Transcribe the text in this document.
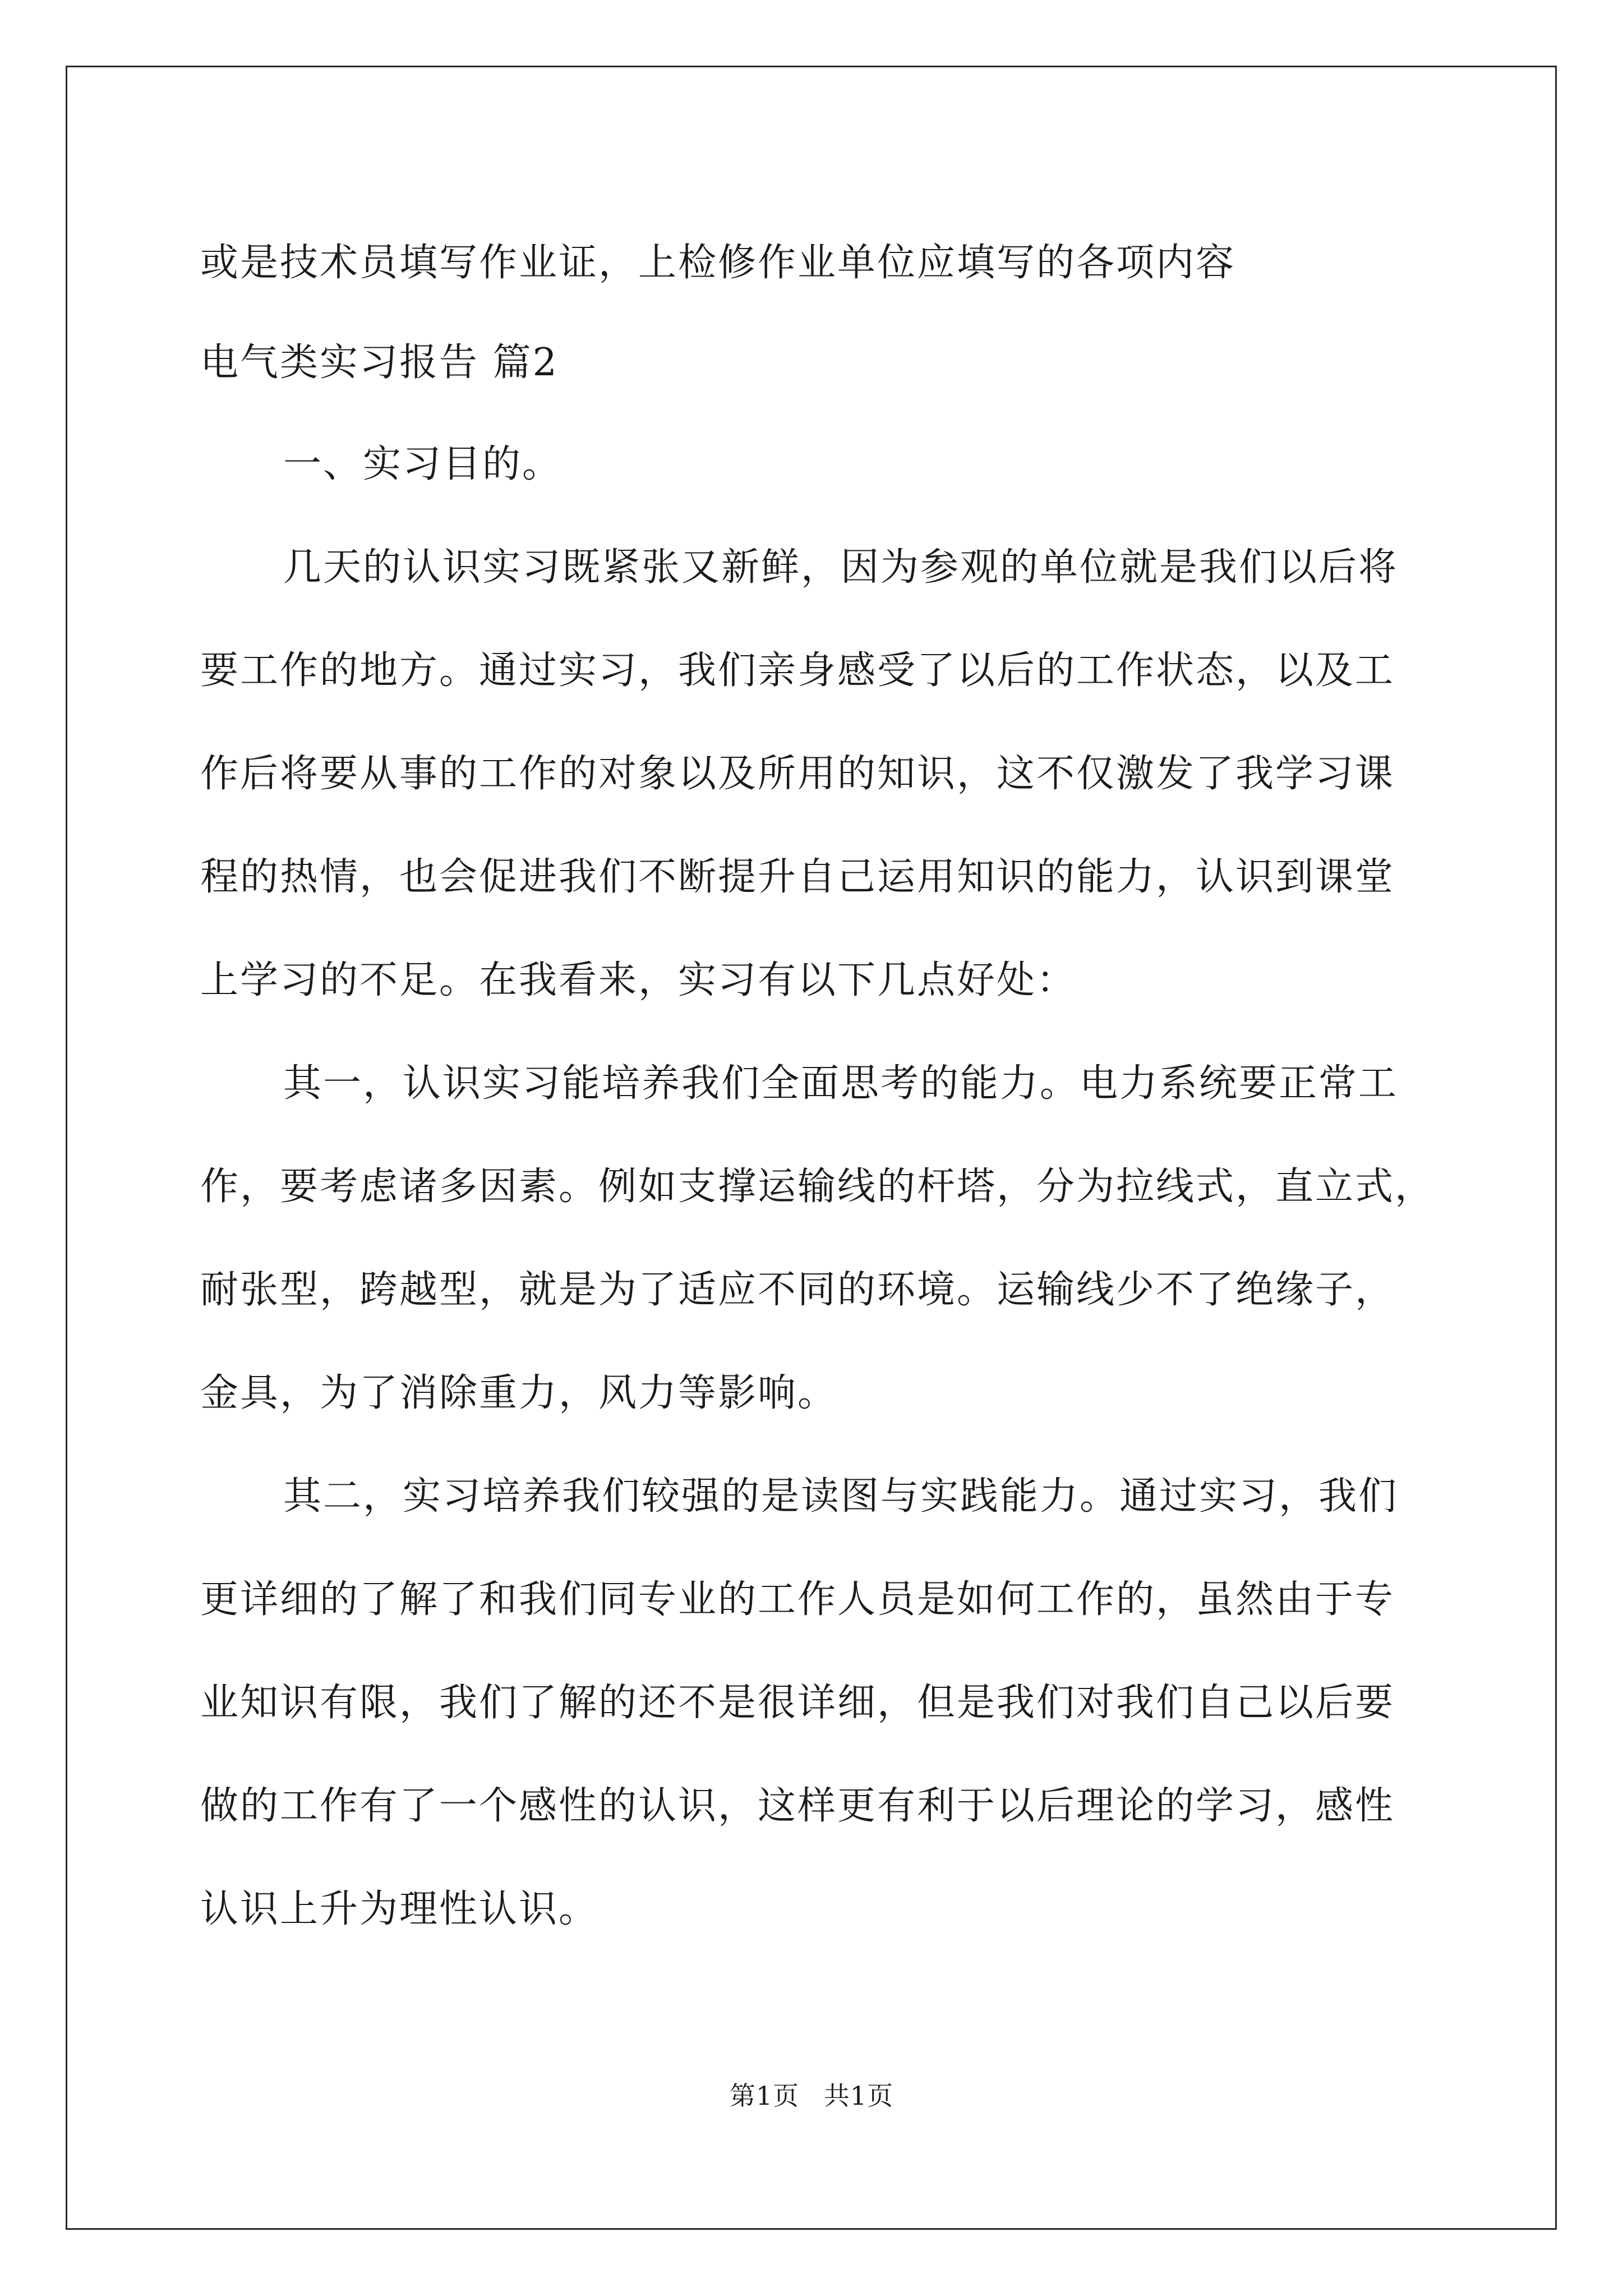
或是技术员填写作业证，上检修作业单位应填写的各项内容
电气类实习报告 篇2
一、实习目的。
几天的认识实习既紧张又新鲜，因为参观的单位就是我们以后将
要工作的地方。通过实习，我们亲身感受了以后的工作状态，以及工
作后将要从事的工作的对象以及所用的知识，这不仅激发了我学习课
程的热情，也会促进我们不断提升自己运用知识的能力，认识到课堂
上学习的不足。在我看来，实习有以下几点好处：
其一，认识实习能培养我们全面思考的能力。电力系统要正常工
作，要考虑诸多因素。例如支撑运输线的杆塔，分为拉线式，直立式，
耐张型，跨越型，就是为了适应不同的环境。运输线少不了绝缘子，
金具，为了消除重力，风力等影响。
其二，实习培养我们较强的是读图与实践能力。通过实习，我们
更详细的了解了和我们同专业的工作人员是如何工作的，虽然由于专
业知识有限，我们了解的还不是很详细，但是我们对我们自己以后要
做的工作有了一个感性的认识，这样更有利于以后理论的学习，感性
认识上升为理性认识。
第1页 共1页
